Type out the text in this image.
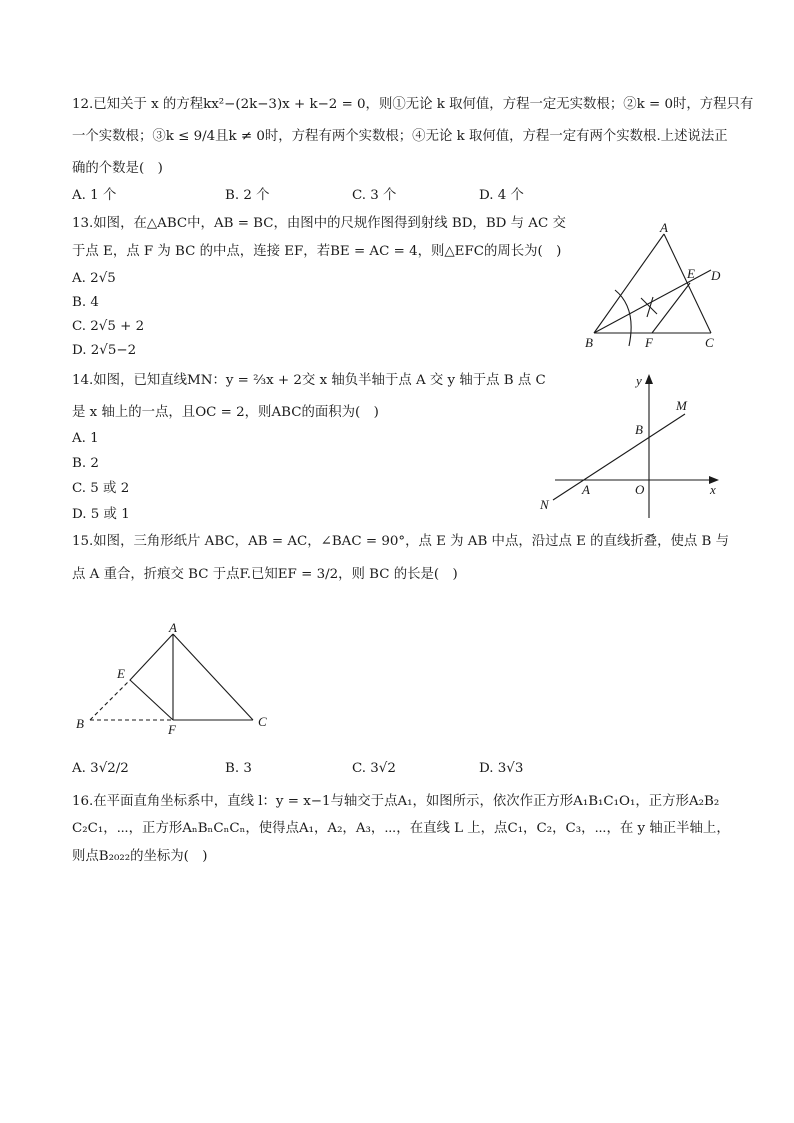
12.已知关于 x 的方程kx²−(2k−3)x + k−2 = 0，则①无论 k 取何值，方程一定无实数根；②k = 0时，方程只有
一个实数根；③k ≤ 9/4且k ≠ 0时，方程有两个实数根；④无论 k 取何值，方程一定有两个实数根.上述说法正
确的个数是(　)
A. 1 个	B. 2 个	C. 3 个	D. 4 个
13.如图，在△ABC中，AB = BC，由图中的尺规作图得到射线 BD，BD 与 AC 交
于点 E，点 F 为 BC 的中点，连接 EF，若BE = AC = 4，则△EFC的周长为(　)
A. 2√5
B. 4
C. 2√5 + 2
D. 2√5−2
A
B	C
D
E
F
14.如图，已知直线MN：y = ⅔x + 2交 x 轴负半轴于点 A 交 y 轴于点 B 点 C
是 x 轴上的一点，且OC = 2，则ABC的面积为(　)
A. 1
B. 2
C. 5 或 2
D. 5 或 1
y
M
B
A	O	x
N
15.如图，三角形纸片 ABC，AB = AC，∠BAC = 90°，点 E 为 AB 中点，沿过点 E 的直线折叠，使点 B 与
点 A 重合，折痕交 BC 于点F.已知EF = 3/2，则 BC 的长是(　)
A
E
B	F
C
A. 3√2/2	B. 3	C. 3√2	D. 3√3
16.在平面直角坐标系中，直线 l：y = x−1与轴交于点A₁，如图所示，依次作正方形A₁B₁C₁O₁，正方形A₂B₂
C₂C₁，⋯，正方形AₙBₙCₙCₙ，使得点A₁，A₂，A₃，⋯，在直线 L 上，点C₁，C₂，C₃，⋯，在 y 轴正半轴上，
则点B₂₀₂₂的坐标为(　)
